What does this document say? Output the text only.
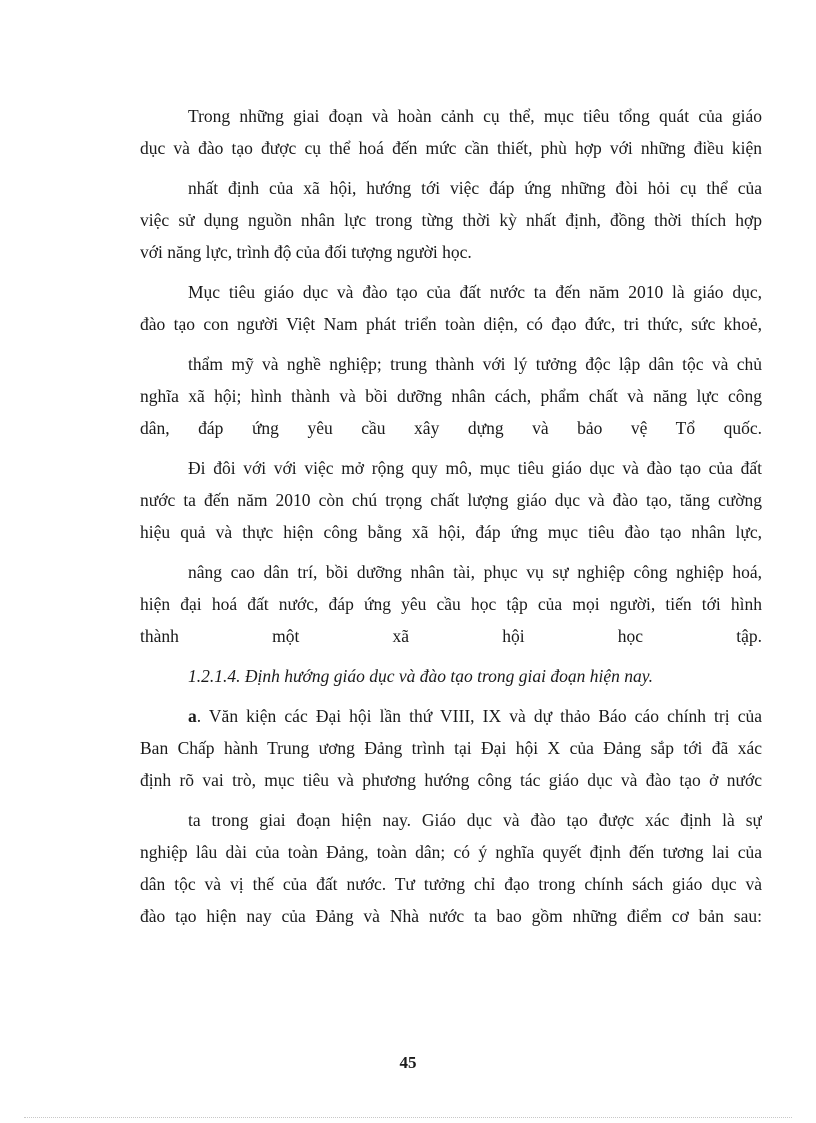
Trong những giai đoạn và hoàn cảnh cụ thể, mục tiêu tổng quát của giáo
dục và đào tạo được cụ thể hoá đến mức cần thiết, phù hợp với những điều kiện
nhất định của xã hội, hướng tới việc đáp ứng những đòi hỏi cụ thể của
việc sử dụng nguồn nhân lực trong từng thời kỳ nhất định, đồng thời thích hợp
với năng lực, trình độ của đối tượng người học.
Mục tiêu giáo dục và đào tạo của đất nước ta đến năm 2010 là giáo dục,
đào tạo con người Việt Nam phát triển toàn diện, có đạo đức, tri thức, sức khoẻ,
thẩm mỹ và nghề nghiệp; trung thành với lý tưởng độc lập dân tộc và chủ
nghĩa xã hội; hình thành và bồi dưỡng nhân cách, phẩm chất và năng lực công
dân, đáp ứng yêu cầu xây dựng và bảo vệ Tổ quốc.
Đi đôi với với việc mở rộng quy mô, mục tiêu giáo dục và đào tạo của đất
nước ta đến năm 2010 còn chú trọng chất lượng giáo dục và đào tạo, tăng cường
hiệu quả và thực hiện công bằng xã hội, đáp ứng mục tiêu đào tạo nhân lực,
nâng cao dân trí, bồi dưỡng nhân tài, phục vụ sự nghiệp công nghiệp hoá,
hiện đại hoá đất nước, đáp ứng yêu cầu học tập của mọi người, tiến tới hình
thành một xã hội học tập.
1.2.1.4. Định hướng giáo dục và đào tạo trong giai đoạn hiện nay.
a. Văn kiện các Đại hội lần thứ VIII, IX và dự thảo Báo cáo chính trị của
Ban Chấp hành Trung ương Đảng trình tại Đại hội X của Đảng sắp tới đã xác
định rõ vai trò, mục tiêu và phương hướng công tác giáo dục và đào tạo ở nước
ta trong giai đoạn hiện nay. Giáo dục và đào tạo được xác định là sự
nghiệp lâu dài của toàn Đảng, toàn dân; có ý nghĩa quyết định đến tương lai của
dân tộc và vị thế của đất nước. Tư tưởng chỉ đạo trong chính sách giáo dục và
đào tạo hiện nay của Đảng và Nhà nước ta bao gồm những điểm cơ bản sau:
45
